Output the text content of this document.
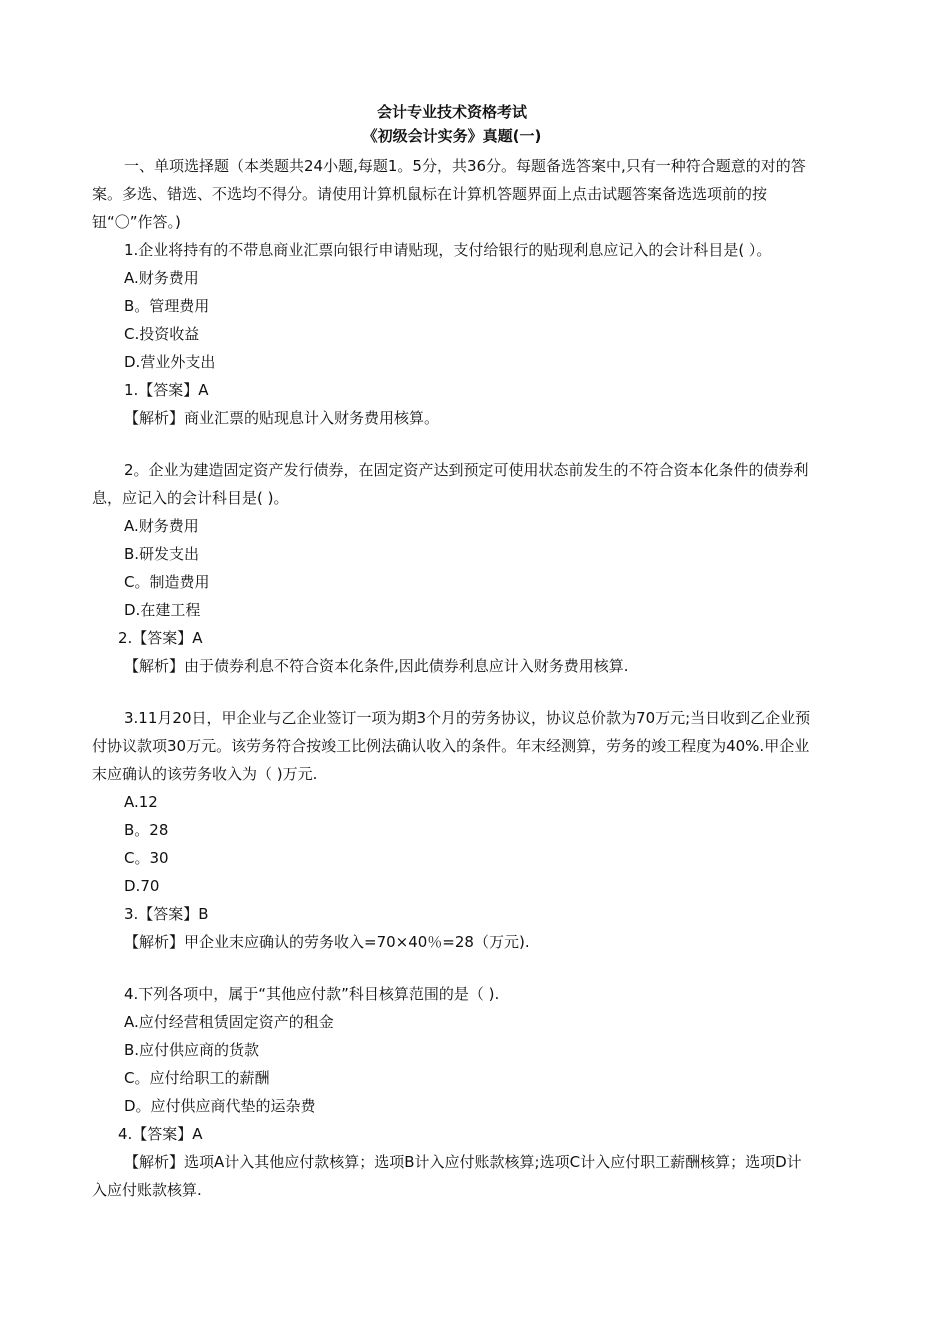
会计专业技术资格考试

《初级会计实务》真题(一)

一、单项选择题（本类题共24小题,每题1。5分，共36分。每题备选答案中,只有一种符合题意的对的答案。多选、错选、不选均不得分。请使用计算机鼠标在计算机答题界面上点击试题答案备选选项前的按钮“〇”作答。)

1.企业将持有的不带息商业汇票向银行申请贴现，支付给银行的贴现利息应记入的会计科目是( ）。

A.财务费用

B。管理费用

C.投资收益

D.营业外支出

1.【答案】A

【解析】商业汇票的贴现息计入财务费用核算。

2。企业为建造固定资产发行债券，在固定资产达到预定可使用状态前发生的不符合资本化条件的债券利息，应记入的会计科目是( )。

A.财务费用

B.研发支出

C。制造费用

D.在建工程

2.【答案】A

【解析】由于债券利息不符合资本化条件,因此债券利息应计入财务费用核算.

3.11月20日，甲企业与乙企业签订一项为期3个月的劳务协议，协议总价款为70万元;当日收到乙企业预付协议款项30万元。该劳务符合按竣工比例法确认收入的条件。年末经测算，劳务的竣工程度为40%.甲企业末应确认的该劳务收入为（ )万元.

A.12

B。28

C。30

D.70

3.【答案】B

【解析】甲企业末应确认的劳务收入=70×40％=28（万元).

4.下列各项中，属于“其他应付款”科目核算范围的是（ ).

A.应付经营租赁固定资产的租金

B.应付供应商的货款

C。应付给职工的薪酬

D。应付供应商代垫的运杂费

4.【答案】A

【解析】选项A计入其他应付款核算；选项B计入应付账款核算;选项C计入应付职工薪酬核算；选项D计入应付账款核算.
